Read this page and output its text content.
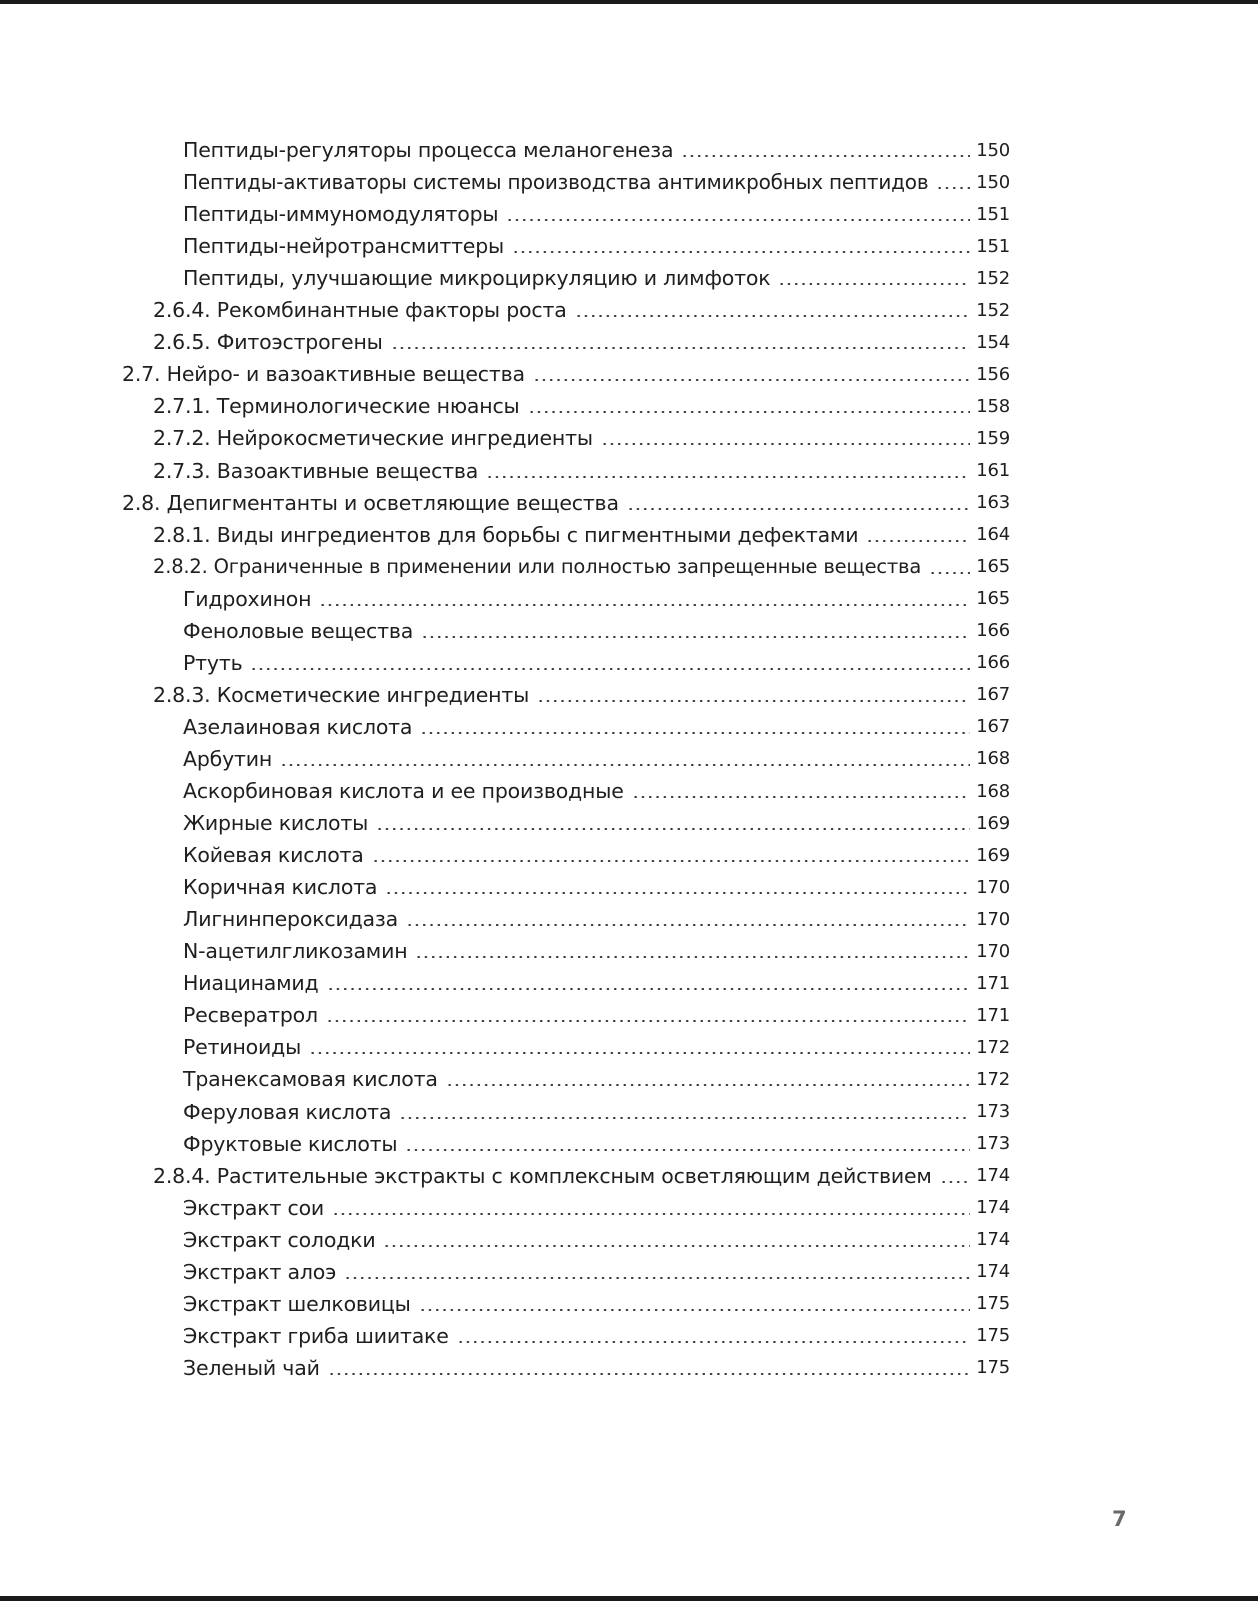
Пептиды-регуляторы процесса меланогенеза	150
Пептиды-активаторы системы производства антимикробных пептидов	150
Пептиды-иммуномодуляторы	151
Пептиды-нейротрансмиттеры	151
Пептиды, улучшающие микроциркуляцию и лимфоток	152
2.6.4. Рекомбинантные факторы роста	152
2.6.5. Фитоэстрогены	154
2.7. Нейро- и вазоактивные вещества	156
2.7.1. Терминологические нюансы	158
2.7.2. Нейрокосметические ингредиенты	159
2.7.3. Вазоактивные вещества	161
2.8. Депигментанты и осветляющие вещества	163
2.8.1. Виды ингредиентов для борьбы с пигментными дефектами	164
2.8.2. Ограниченные в применении или полностью запрещенные вещества	165
Гидрохинон	165
Феноловые вещества	166
Ртуть	166
2.8.3. Косметические ингредиенты	167
Азелаиновая кислота	167
Арбутин	168
Аскорбиновая кислота и ее производные	168
Жирные кислоты	169
Койевая кислота	169
Коричная кислота	170
Лигнинпероксидаза	170
N-ацетилгликозамин	170
Ниацинамид	171
Ресвератрол	171
Ретиноиды	172
Транексамовая кислота	172
Феруловая кислота	173
Фруктовые кислоты	173
2.8.4. Растительные экстракты с комплексным осветляющим действием	174
Экстракт сои	174
Экстракт солодки	174
Экстракт алоэ	174
Экстракт шелковицы	175
Экстракт гриба шиитаке	175
Зеленый чай	175
7
